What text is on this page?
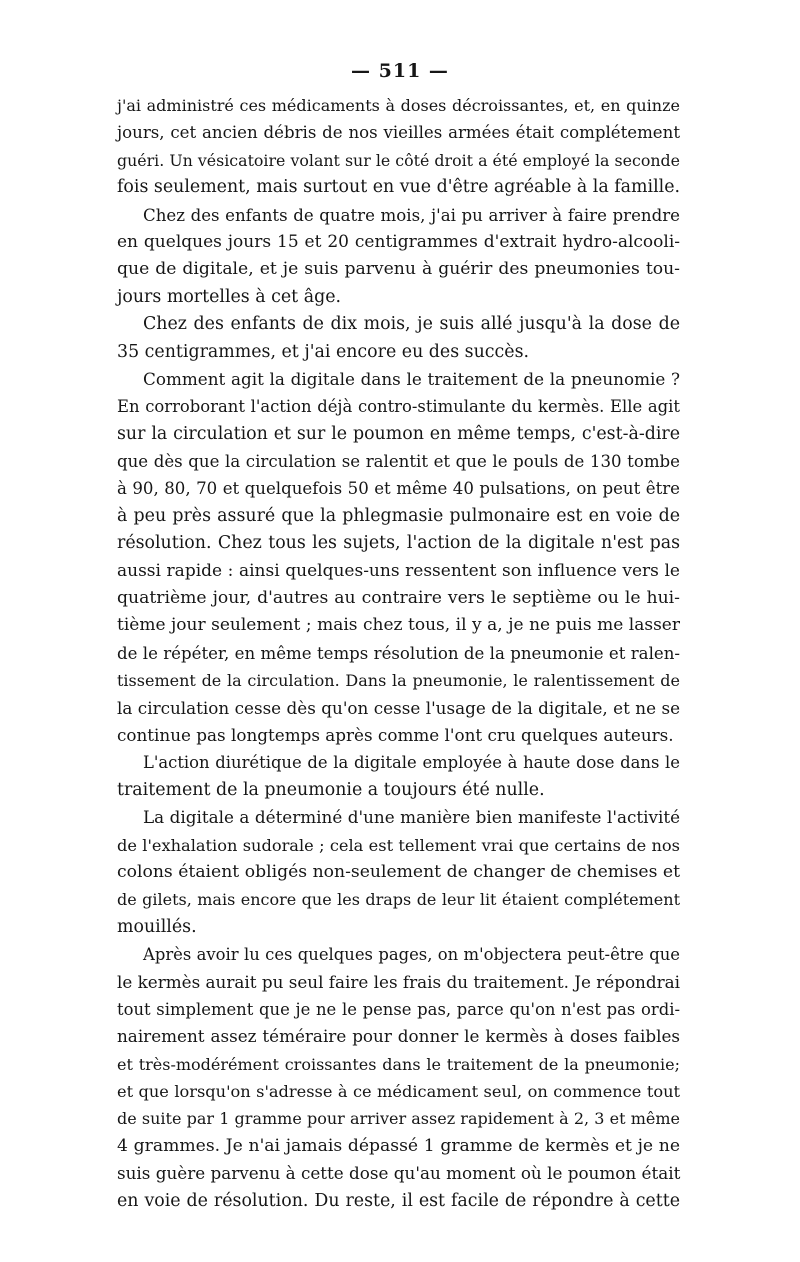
— 511 —
j'ai administré ces médicaments à doses décroissantes, et, en quinze
jours, cet ancien débris de nos vieilles armées était complétement
guéri. Un vésicatoire volant sur le côté droit a été employé la seconde
fois seulement, mais surtout en vue d'être agréable à la famille.
Chez des enfants de quatre mois, j'ai pu arriver à faire prendre
en quelques jours 15 et 20 centigrammes d'extrait hydro-alcooli-
que de digitale, et je suis parvenu à guérir des pneumonies tou-
jours mortelles à cet âge.
Chez des enfants de dix mois, je suis allé jusqu'à la dose de
35 centigrammes, et j'ai encore eu des succès.
Comment agit la digitale dans le traitement de la pneunomie ?
En corroborant l'action déjà contro-stimulante du kermès. Elle agit
sur la circulation et sur le poumon en même temps, c'est-à-dire
que dès que la circulation se ralentit et que le pouls de 130 tombe
à 90, 80, 70 et quelquefois 50 et même 40 pulsations, on peut être
à peu près assuré que la phlegmasie pulmonaire est en voie de
résolution. Chez tous les sujets, l'action de la digitale n'est pas
aussi rapide : ainsi quelques-uns ressentent son influence vers le
quatrième jour, d'autres au contraire vers le septième ou le hui-
tième jour seulement ; mais chez tous, il y a, je ne puis me lasser
de le répéter, en même temps résolution de la pneumonie et ralen-
tissement de la circulation. Dans la pneumonie, le ralentissement de
la circulation cesse dès qu'on cesse l'usage de la digitale, et ne se
continue pas longtemps après comme l'ont cru quelques auteurs.
L'action diurétique de la digitale employée à haute dose dans le
traitement de la pneumonie a toujours été nulle.
La digitale a déterminé d'une manière bien manifeste l'activité
de l'exhalation sudorale ; cela est tellement vrai que certains de nos
colons étaient obligés non-seulement de changer de chemises et
de gilets, mais encore que les draps de leur lit étaient complétement
mouillés.
Après avoir lu ces quelques pages, on m'objectera peut-être que
le kermès aurait pu seul faire les frais du traitement. Je répondrai
tout simplement que je ne le pense pas, parce qu'on n'est pas ordi-
nairement assez téméraire pour donner le kermès à doses faibles
et très-modérément croissantes dans le traitement de la pneumonie;
et que lorsqu'on s'adresse à ce médicament seul, on commence tout
de suite par 1 gramme pour arriver assez rapidement à 2, 3 et même
4 grammes. Je n'ai jamais dépassé 1 gramme de kermès et je ne
suis guère parvenu à cette dose qu'au moment où le poumon était
en voie de résolution. Du reste, il est facile de répondre à cette
